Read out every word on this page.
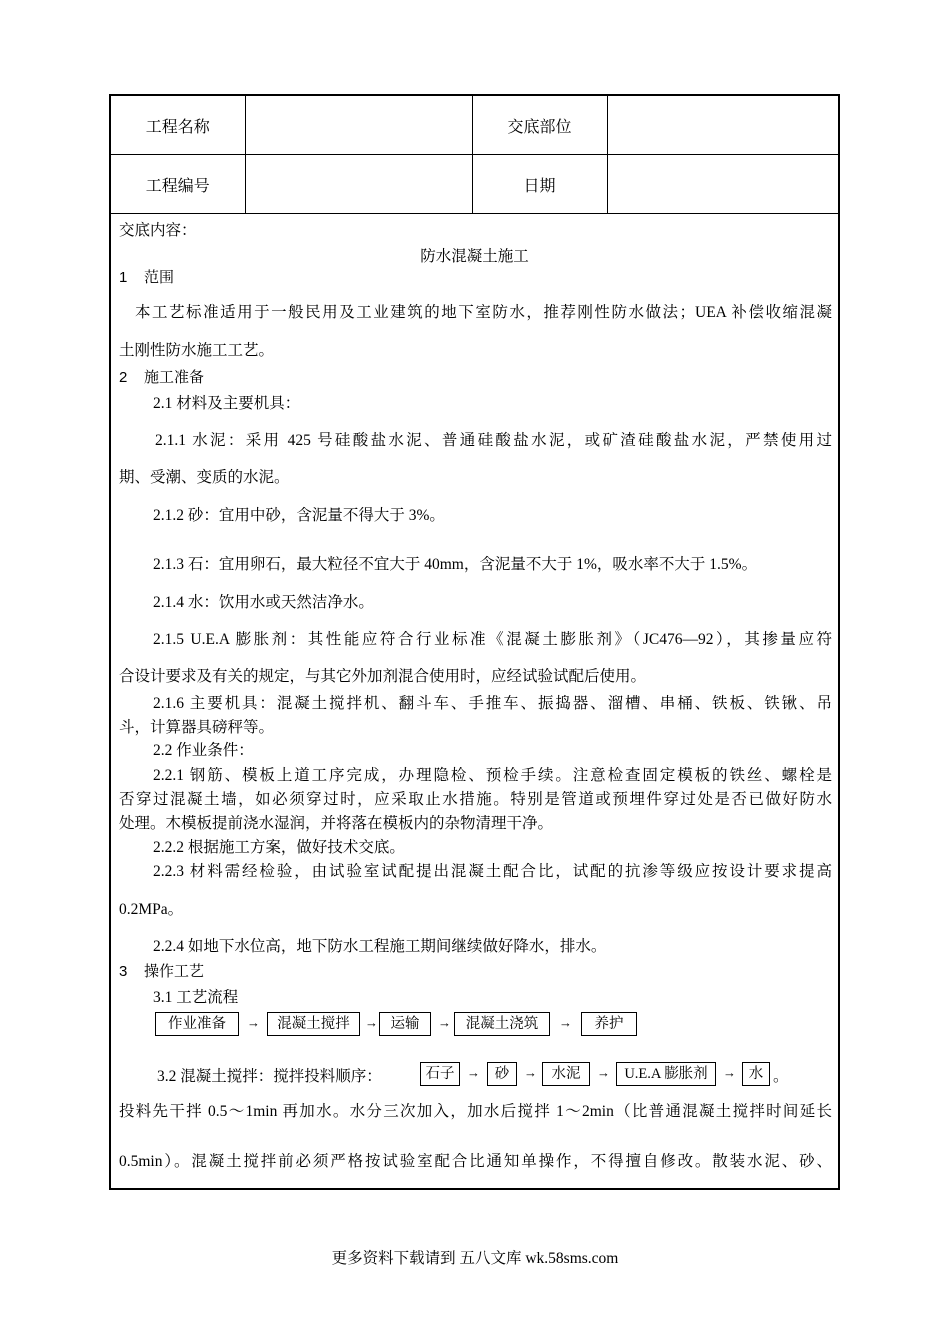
工程名称		交底部位	
工程编号		日期	
交底内容：
防水混凝土施工
1 范围
本工艺标准适用于一般民用及工业建筑的地下室防水，推荐刚性防水做法；UEA 补偿收缩混凝
土刚性防水施工工艺。
2 施工准备
2.1 材料及主要机具：
2.1.1 水泥：采用 425 号硅酸盐水泥、普通硅酸盐水泥，或矿渣硅酸盐水泥，严禁使用过
期、受潮、变质的水泥。
2.1.2 砂：宜用中砂，含泥量不得大于 3%。
2.1.3 石：宜用卵石，最大粒径不宜大于 40mm，含泥量不大于 1%，吸水率不大于 1.5%。
2.1.4 水：饮用水或天然洁净水。
2.1.5 U.E.A 膨胀剂：其性能应符合行业标准《混凝土膨胀剂》（JC476—92），其掺量应符
合设计要求及有关的规定，与其它外加剂混合使用时，应经试验试配后使用。
2.1.6 主要机具：混凝土搅拌机、翻斗车、手推车、振捣器、溜槽、串桶、铁板、铁锹、吊
斗，计算器具磅秤等。
2.2 作业条件：
2.2.1 钢筋、模板上道工序完成，办理隐检、预检手续。注意检查固定模板的铁丝、螺栓是
否穿过混凝土墙，如必须穿过时，应采取止水措施。特别是管道或预埋件穿过处是否已做好防水
处理。木模板提前浇水湿润，并将落在模板内的杂物清理干净。
2.2.2 根据施工方案，做好技术交底。
2.2.3 材料需经检验，由试验室试配提出混凝土配合比，试配的抗渗等级应按设计要求提高
0.2MPa。
2.2.4 如地下水位高，地下防水工程施工期间继续做好降水，排水。
3 操作工艺
3.1 工艺流程
作业准备	→	混凝土搅拌	→ 运输	→	混凝土浇筑	→	养护
3.2 混凝土搅拌：搅拌投料顺序：	石子 →	砂	→	水泥	→ U.E.A 膨胀剂	→ 水 。
投料先干拌 0.5～1min 再加水。水分三次加入，加水后搅拌 1～2min（比普通混凝土搅拌时间延长
0.5min）。混凝土搅拌前必须严格按试验室配合比通知单操作，不得擅自修改。散装水泥、砂、
更多资料下载请到 五八文库 wk.58sms.com
